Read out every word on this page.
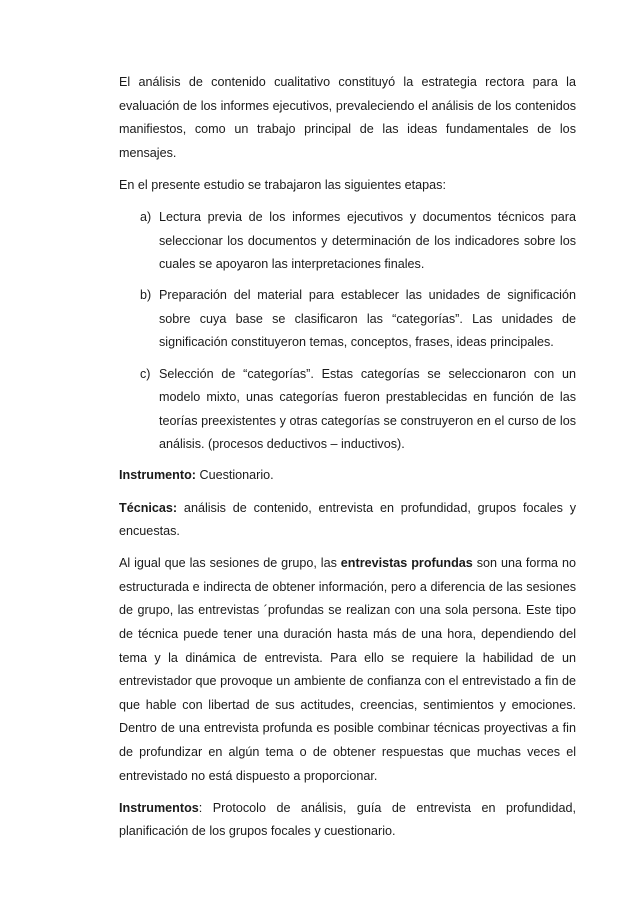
El análisis de contenido cualitativo constituyó la estrategia rectora para la evaluación de los informes ejecutivos, prevaleciendo el análisis de los contenidos manifiestos, como un trabajo principal de las ideas fundamentales de los mensajes.

En el presente estudio se trabajaron las siguientes etapas:

a) Lectura previa de los informes ejecutivos y documentos técnicos para seleccionar los documentos y determinación de los indicadores sobre los cuales se apoyaron las interpretaciones finales.
b) Preparación del material para establecer las unidades de significación sobre cuya base se clasificaron las “categorías”. Las unidades de significación constituyeron temas, conceptos, frases, ideas principales.
c) Selección de “categorías”. Estas categorías se seleccionaron con un modelo mixto, unas categorías fueron prestablecidas en función de las teorías preexistentes y otras categorías se construyeron en el curso de los análisis. (procesos deductivos – inductivos).

Instrumento: Cuestionario.

Técnicas: análisis de contenido, entrevista en profundidad, grupos focales y encuestas.

Al igual que las sesiones de grupo, las entrevistas profundas son una forma no estructurada e indirecta de obtener información, pero a diferencia de las sesiones de grupo, las entrevistas ´profundas se realizan con una sola persona. Este tipo de técnica puede tener una duración hasta más de una hora, dependiendo del tema y la dinámica de entrevista. Para ello se requiere la habilidad de un entrevistador que provoque un ambiente de confianza con el entrevistado a fin de que hable con libertad de sus actitudes, creencias, sentimientos y emociones. Dentro de una entrevista profunda es posible combinar técnicas proyectivas a fin de profundizar en algún tema o de obtener respuestas que muchas veces el entrevistado no está dispuesto a proporcionar.

Instrumentos: Protocolo de análisis, guía de entrevista en profundidad, planificación de los grupos focales y cuestionario.
